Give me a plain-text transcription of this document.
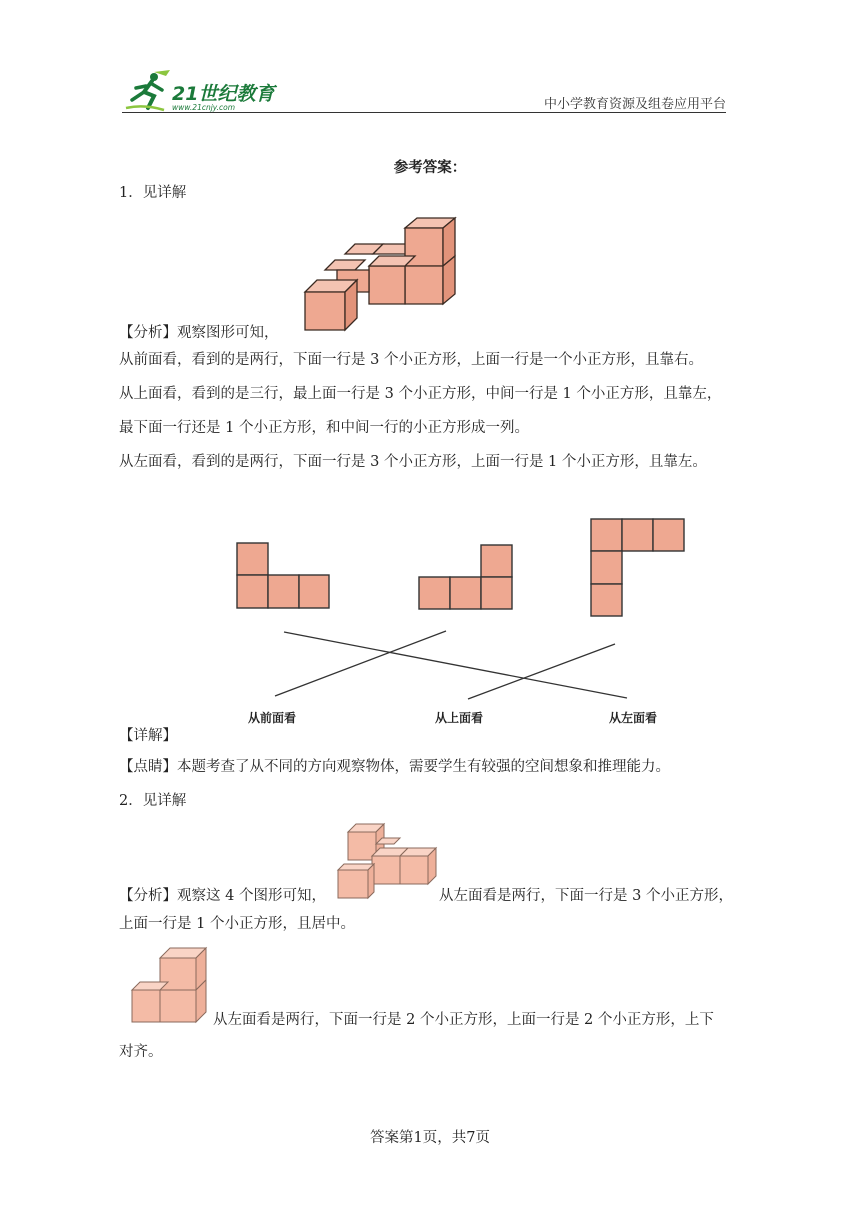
21世纪教育
www.21cnjy.com	中小学教育资源及组卷应用平台
参考答案：
1．见详解
【分析】观察图形可知，
从前面看，看到的是两行，下面一行是 3 个小正方形，上面一行是一个小正方形，且靠右。
从上面看，看到的是三行，最上面一行是 3 个小正方形，中间一行是 1 个小正方形，且靠左，
最下面一行还是 1 个小正方形，和中间一行的小正方形成一列。
从左面看，看到的是两行，下面一行是 3 个小正方形，上面一行是 1 个小正方形，且靠左。
从前面看	从上面看	从左面看
【详解】
【点睛】本题考查了从不同的方向观察物体，需要学生有较强的空间想象和推理能力。
2．见详解
【分析】观察这 4 个图形可知，	从左面看是两行，下面一行是 3 个小正方形，
上面一行是 1 个小正方形，且居中。
从左面看是两行，下面一行是 2 个小正方形，上面一行是 2 个小正方形，上下
对齐。
答案第1页，共7页
